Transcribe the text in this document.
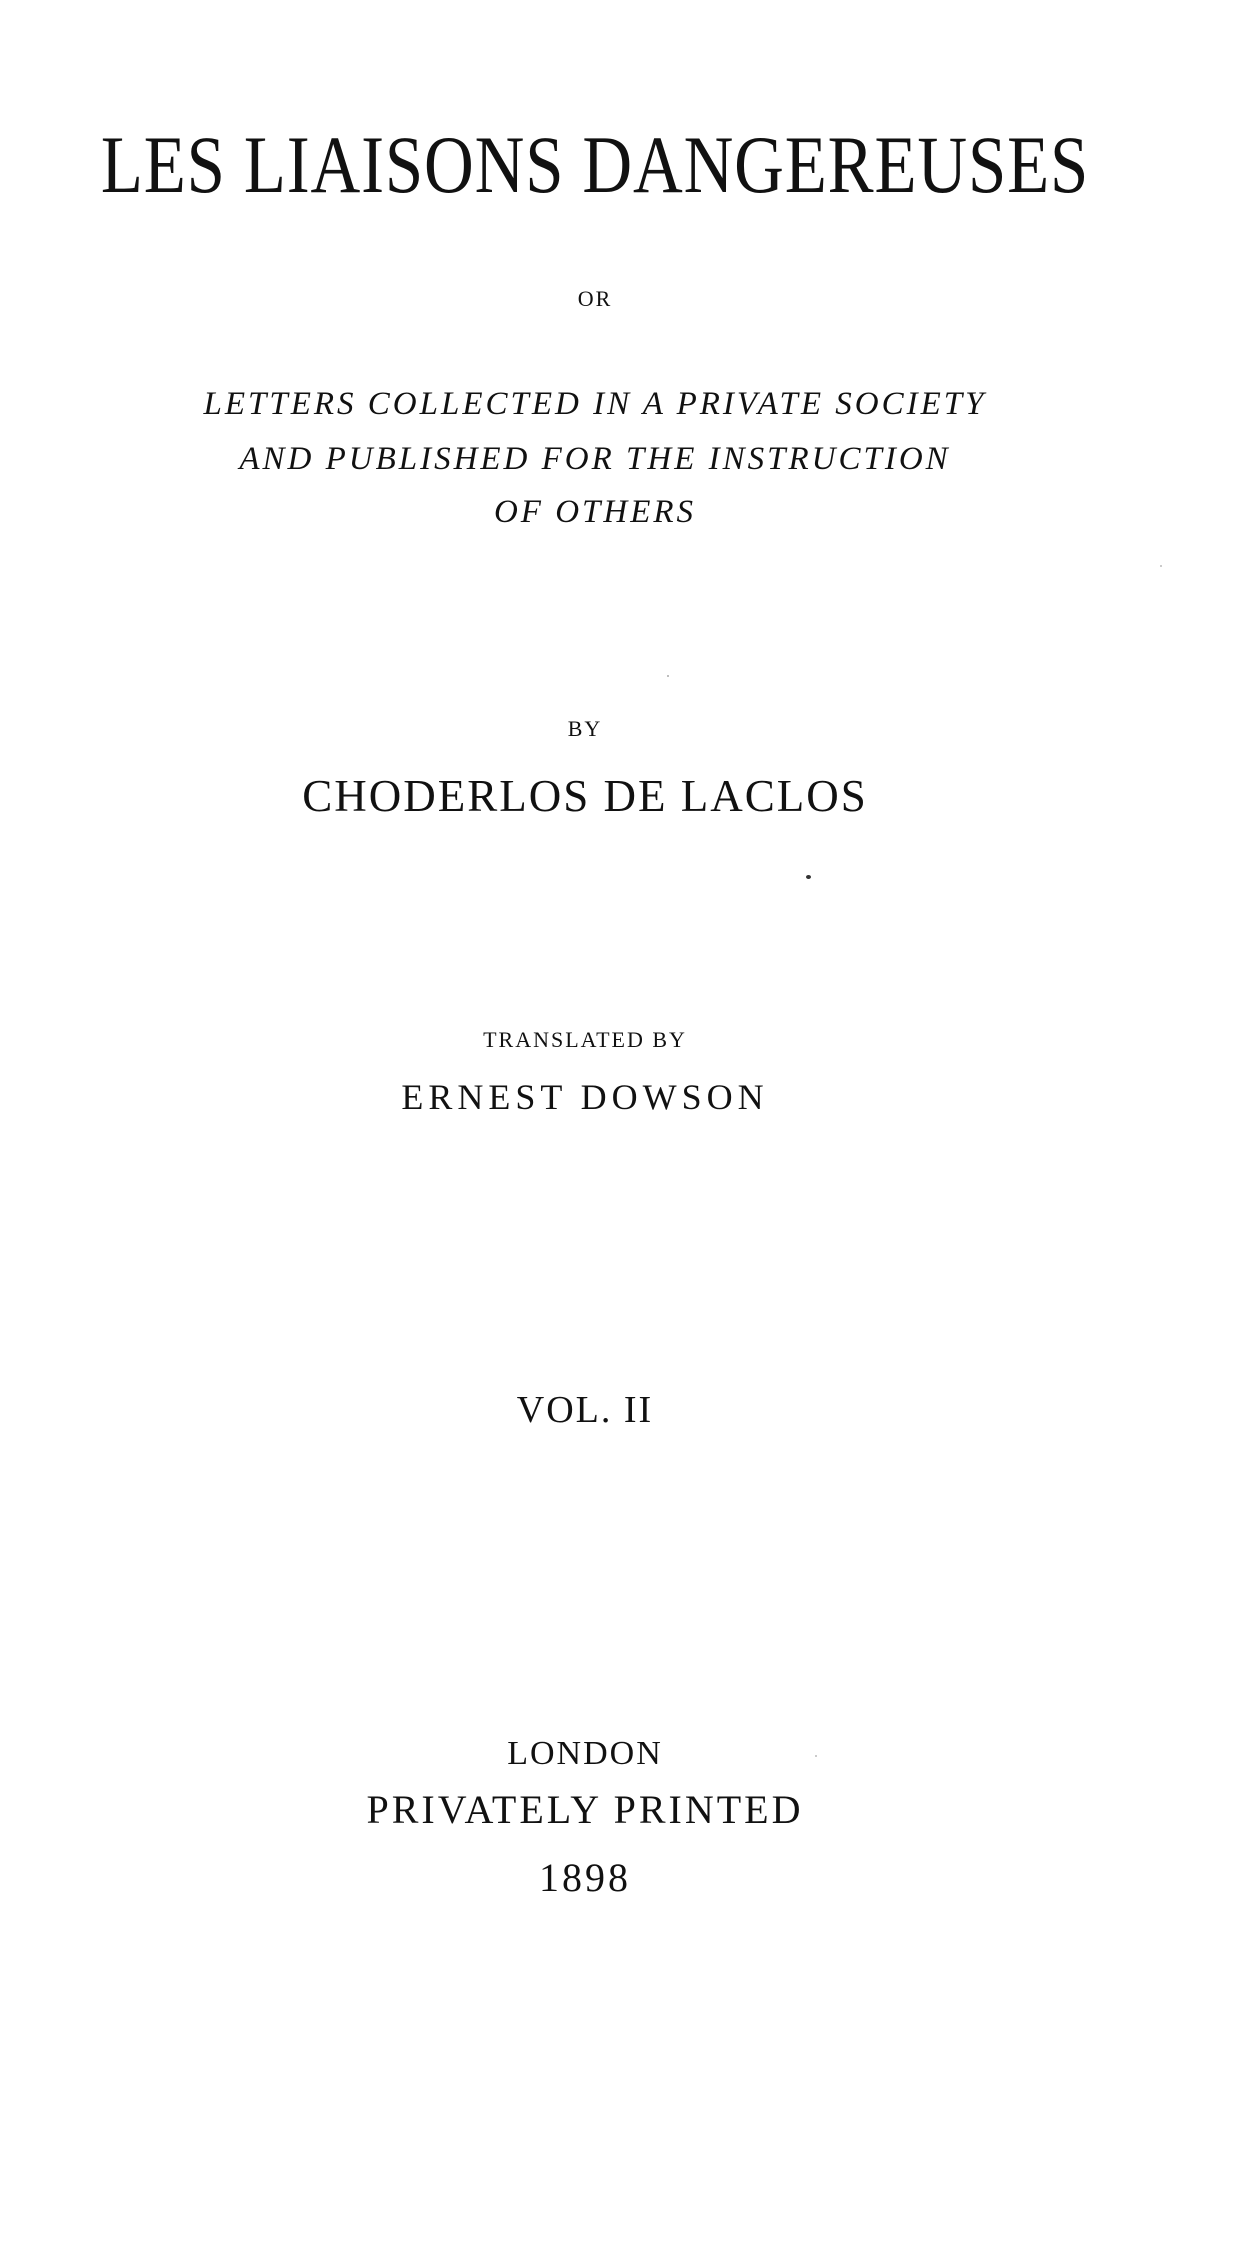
LES LIAISONS DANGEREUSES
OR
LETTERS COLLECTED IN A PRIVATE SOCIETY
AND PUBLISHED FOR THE INSTRUCTION
OF OTHERS
BY
CHODERLOS DE LACLOS
TRANSLATED BY
ERNEST DOWSON
VOL. II
LONDON
PRIVATELY PRINTED
1898
